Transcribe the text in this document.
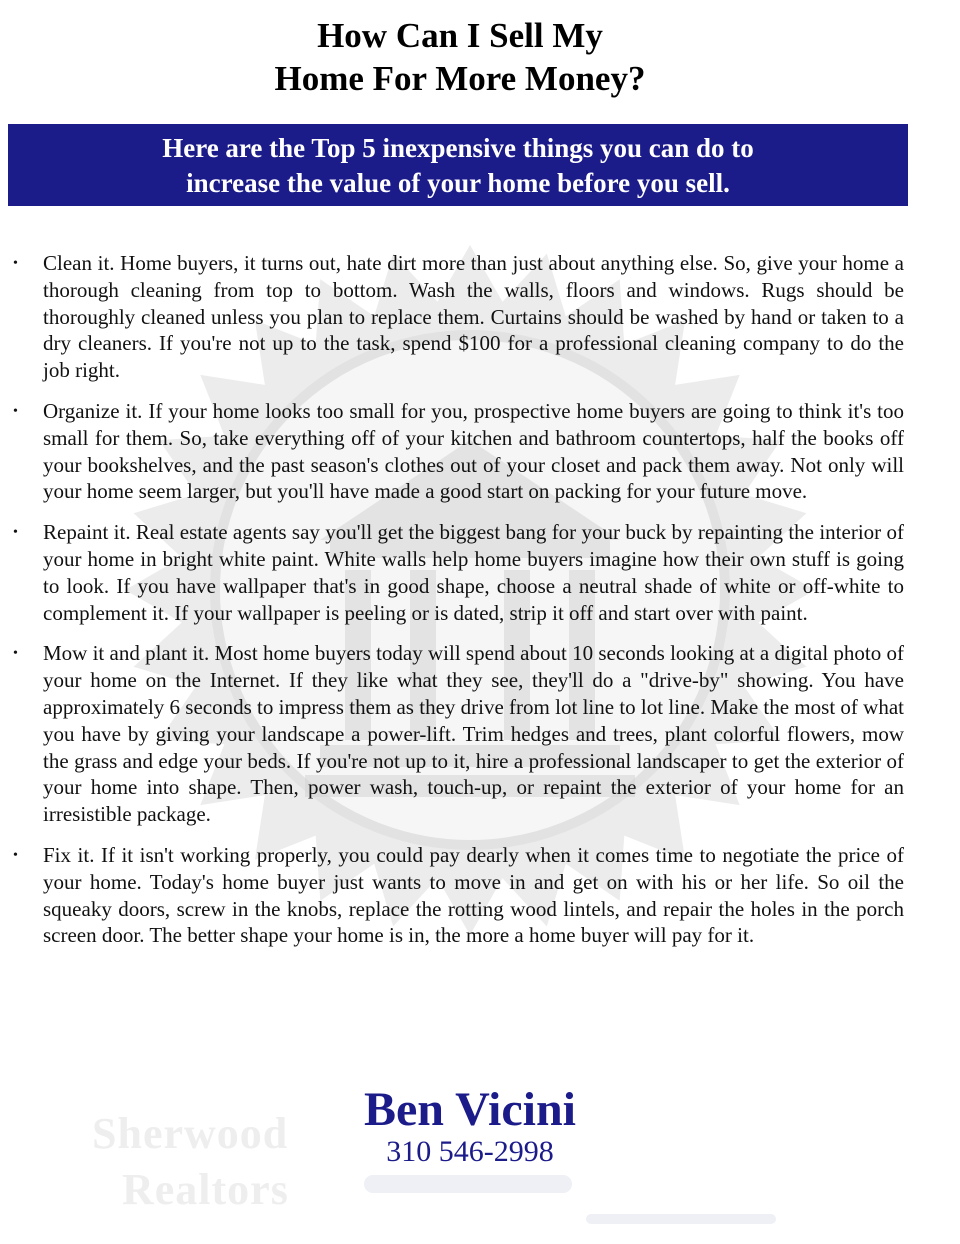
Sherwood
Realtors
How Can I Sell My
Home For More Money?
Here are the Top 5 inexpensive things you can do to
increase the value of your home before you sell.
• Clean it. Home buyers, it turns out, hate dirt more than just about anything else. So, give your home a thorough cleaning from top to bottom. Wash the walls, floors and windows. Rugs should be thoroughly cleaned unless you plan to replace them. Curtains should be washed by hand or taken to a dry cleaners. If you're not up to the task, spend $100 for a professional cleaning company to do the job right.
• Organize it. If your home looks too small for you, prospective home buyers are going to think it's too small for them. So, take everything off of your kitchen and bathroom countertops, half the books off your bookshelves, and the past season's clothes out of your closet and pack them away. Not only will your home seem larger, but you'll have made a good start on packing for your future move.
• Repaint it. Real estate agents say you'll get the biggest bang for your buck by repainting the interior of your home in bright white paint. White walls help home buyers imagine how their own stuff is going to look. If you have wallpaper that's in good shape, choose a neutral shade of white or off-white to complement it. If your wallpaper is peeling or is dated, strip it off and start over with paint.
• Mow it and plant it. Most home buyers today will spend about 10 seconds looking at a digital photo of your home on the Internet. If they like what they see, they'll do a "drive-by" showing. You have approximately 6 seconds to impress them as they drive from lot line to lot line. Make the most of what you have by giving your landscape a power-lift. Trim hedges and trees, plant colorful flowers, mow the grass and edge your beds. If you're not up to it, hire a professional landscaper to get the exterior of your home into shape. Then, power wash, touch-up, or repaint the exterior of your home for an irresistible package.
• Fix it. If it isn't working properly, you could pay dearly when it comes time to negotiate the price of your home. Today's home buyer just wants to move in and get on with his or her life. So oil the squeaky doors, screw in the knobs, replace the rotting wood lintels, and repair the holes in the porch screen door. The better shape your home is in, the more a home buyer will pay for it.
Ben Vicini
310 546-2998
